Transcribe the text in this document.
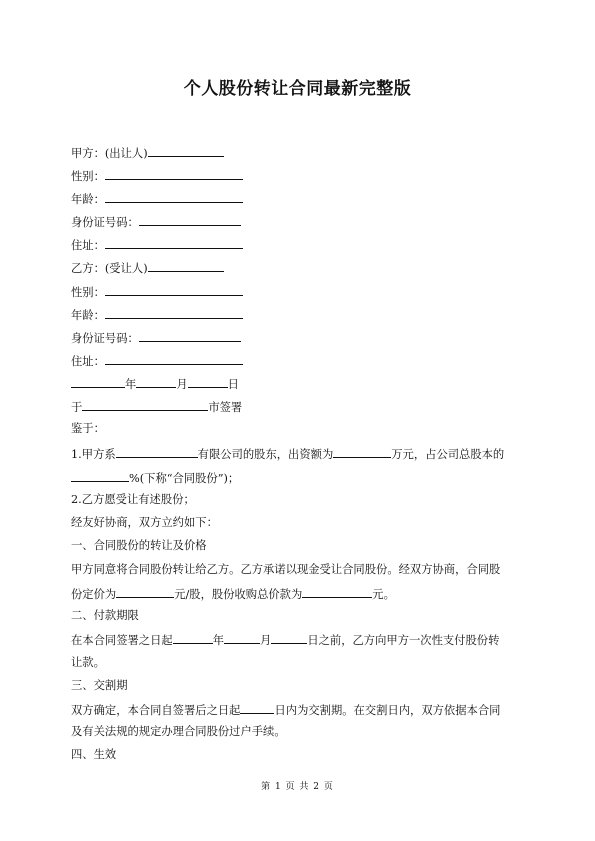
个人股份转让合同最新完整版
甲方：(出让人)
性别：
年龄：
身份证号码：
住址：
乙方：(受让人)
性别：
年龄：
身份证号码：
住址：
年	月	日
于	市签署
鉴于：
1.甲方系	有限公司的股东，出资额为	万元，占公司总股本的
%(下称“合同股份”)；
2.乙方愿受让有述股份；
经友好协商，双方立约如下：
一、合同股份的转让及价格
甲方同意将合同股份转让给乙方。乙方承诺以现金受让合同股份。经双方协商，合同股
份定价为	元/股，股份收购总价款为	元。
二、付款期限
在本合同签署之日起	年	月	日之前，乙方向甲方一次性支付股份转
让款。
三、交割期
双方确定，本合同自签署后之日起	日内为交割期。在交割日内，双方依据本合同
及有关法规的规定办理合同股份过户手续。
四、生效
第 1 页 共 2 页
